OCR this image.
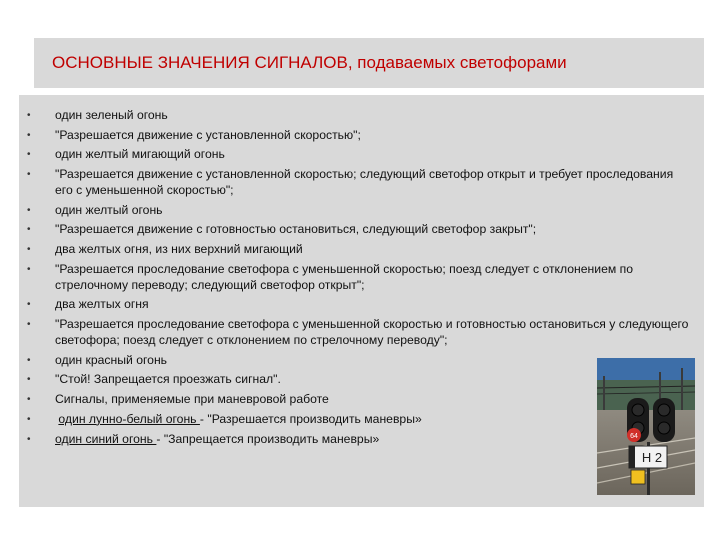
ОСНОВНЫЕ ЗНАЧЕНИЯ СИГНАЛОВ, подаваемых светофорами
• один зеленый огонь
• "Разрешается движение с установленной скоростью";
• один желтый мигающий огонь
• "Разрешается движение с установленной скоростью; следующий светофор открыт и требует проследования его с уменьшенной скоростью";
• один желтый огонь
• "Разрешается движение с готовностью остановиться, следующий светофор закрыт";
• два желтых огня, из них верхний мигающий
• "Разрешается проследование светофора с уменьшенной скоростью; поезд следует с отклонением по стрелочному переводу; следующий светофор открыт";
• два желтых огня
• "Разрешается проследование светофора с уменьшенной скоростью и готовностью остановиться у следующего светофора; поезд следует с отклонением по стрелочному переводу";
• один красный огонь
• "Стой! Запрещается проезжать сигнал".
• Сигналы, применяемые при маневровой работе
• один лунно-белый огонь - "Разрешается производить маневры»
• один синий огонь - "Запрещается производить маневры»	64
Н 2
